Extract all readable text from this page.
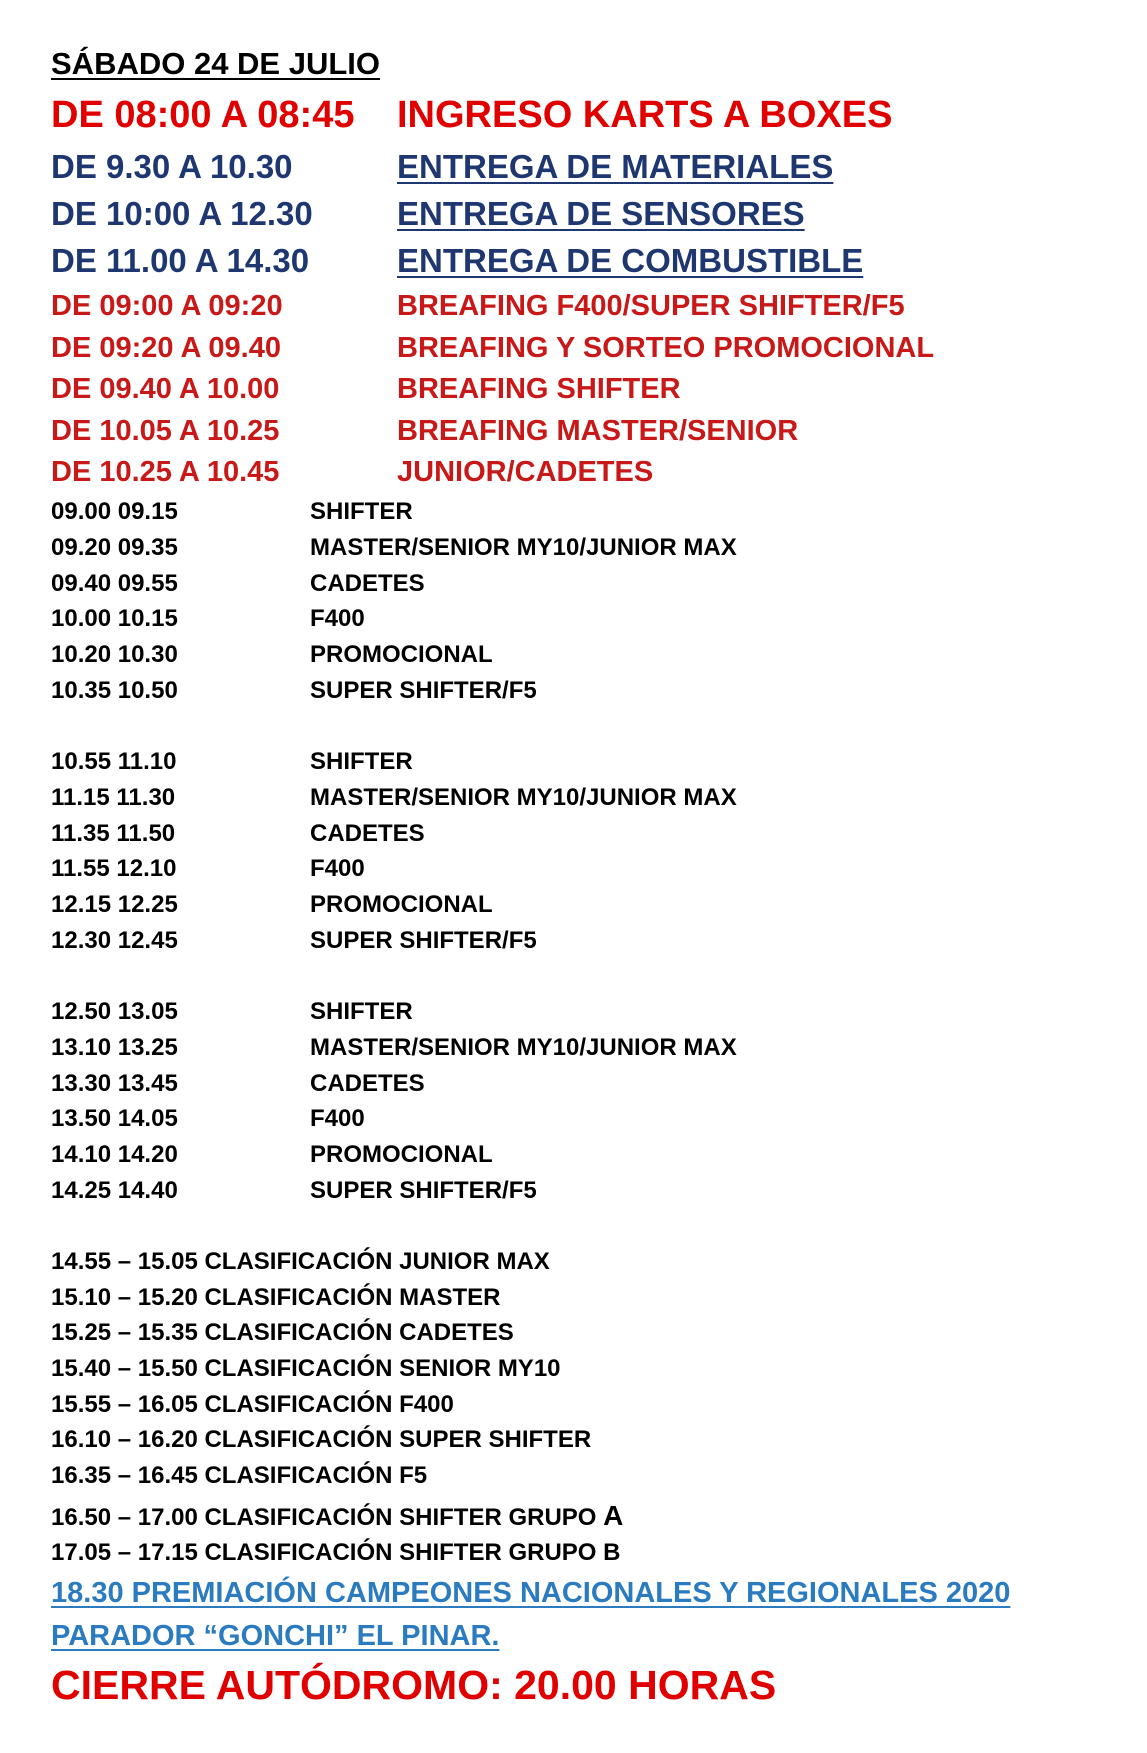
SÁBADO 24 DE JULIO
DE 08:00 A 08:45 INGRESO KARTS A BOXES
DE 9.30 A 10.30	ENTREGA DE MATERIALES
DE 10:00 A 12.30	ENTREGA DE SENSORES
DE 11.00 A 14.30	ENTREGA DE COMBUSTIBLE
DE 09:00 A 09:20	BREAFING F400/SUPER SHIFTER/F5
DE 09:20 A 09.40	BREAFING Y SORTEO PROMOCIONAL
DE 09.40 A 10.00	BREAFING SHIFTER
DE 10.05 A 10.25	BREAFING MASTER/SENIOR
DE 10.25 A 10.45	JUNIOR/CADETES
09.00 09.15	SHIFTER
09.20 09.35	MASTER/SENIOR MY10/JUNIOR MAX
09.40 09.55	CADETES
10.00 10.15	F400
10.20 10.30	PROMOCIONAL
10.35 10.50	SUPER SHIFTER/F5
10.55 11.10	SHIFTER
11.15 11.30	MASTER/SENIOR MY10/JUNIOR MAX
11.35 11.50	CADETES
11.55 12.10	F400
12.15 12.25	PROMOCIONAL
12.30 12.45	SUPER SHIFTER/F5
12.50 13.05	SHIFTER
13.10 13.25	MASTER/SENIOR MY10/JUNIOR MAX
13.30 13.45	CADETES
13.50 14.05	F400
14.10 14.20	PROMOCIONAL
14.25 14.40	SUPER SHIFTER/F5
14.55 – 15.05 CLASIFICACIÓN JUNIOR MAX
15.10 – 15.20 CLASIFICACIÓN MASTER
15.25 – 15.35 CLASIFICACIÓN CADETES
15.40 – 15.50 CLASIFICACIÓN SENIOR MY10
15.55 – 16.05 CLASIFICACIÓN F400
16.10 – 16.20 CLASIFICACIÓN SUPER SHIFTER
16.35 – 16.45 CLASIFICACIÓN F5
16.50 – 17.00 CLASIFICACIÓN SHIFTER GRUPO A
17.05 – 17.15 CLASIFICACIÓN SHIFTER GRUPO B
18.30 PREMIACIÓN CAMPEONES NACIONALES Y REGIONALES 2020
PARADOR “GONCHI” EL PINAR.
CIERRE AUTÓDROMO: 20.00 HORAS
